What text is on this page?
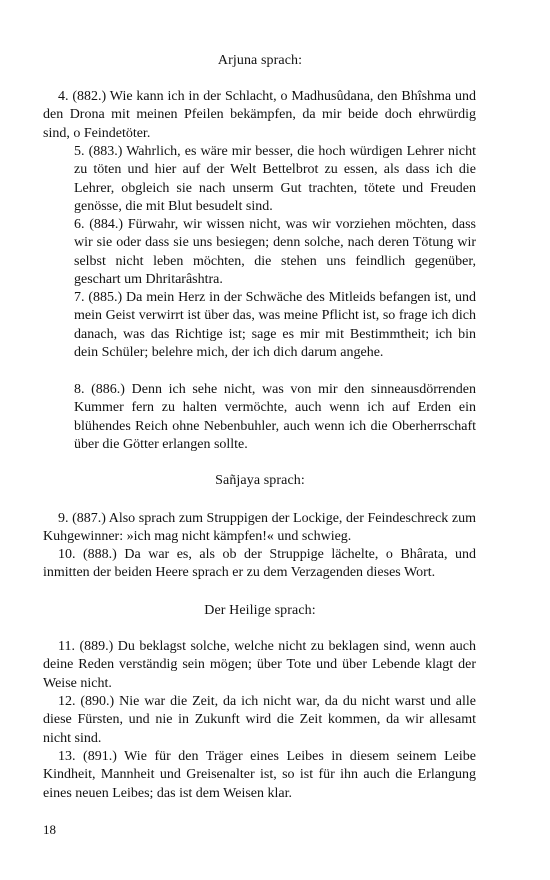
Arjuna sprach:

4. (882.) Wie kann ich in der Schlacht, o Madhusûdana, den Bhîshma und den Drona mit meinen Pfeilen bekämpfen, da mir beide doch ehrwürdig sind, o Feindetöter.

5. (883.) Wahrlich, es wäre mir besser, die hoch würdigen Lehrer nicht zu töten und hier auf der Welt Bettelbrot zu essen, als dass ich die Lehrer, obgleich sie nach unserm Gut trachten, tötete und Freuden genösse, die mit Blut besudelt sind.

6. (884.) Fürwahr, wir wissen nicht, was wir vorziehen möchten, dass wir sie oder dass sie uns besiegen; denn solche, nach deren Tötung wir selbst nicht leben möchten, die stehen uns feindlich gegenüber, geschart um Dhritarâshtra.

7. (885.) Da mein Herz in der Schwäche des Mitleids befangen ist, und mein Geist verwirrt ist über das, was meine Pflicht ist, so frage ich dich danach, was das Richtige ist; sage es mir mit Bestimmtheit; ich bin dein Schüler; belehre mich, der ich dich darum angehe.

8. (886.) Denn ich sehe nicht, was von mir den sinneausdörrenden Kummer fern zu halten vermöchte, auch wenn ich auf Erden ein blühendes Reich ohne Nebenbuhler, auch wenn ich die Oberherrschaft über die Götter erlangen sollte.

Sañjaya sprach:

9. (887.) Also sprach zum Struppigen der Lockige, der Feindeschreck zum Kuhgewinner: »ich mag nicht kämpfen!« und schwieg.

10. (888.) Da war es, als ob der Struppige lächelte, o Bhârata, und inmitten der beiden Heere sprach er zu dem Verzagenden dieses Wort.

Der Heilige sprach:

11. (889.) Du beklagst solche, welche nicht zu beklagen sind, wenn auch deine Reden verständig sein mögen; über Tote und über Lebende klagt der Weise nicht.

12. (890.) Nie war die Zeit, da ich nicht war, da du nicht warst und alle diese Fürsten, und nie in Zukunft wird die Zeit kommen, da wir allesamt nicht sind.

13. (891.) Wie für den Träger eines Leibes in diesem seinem Leibe Kindheit, Mannheit und Greisenalter ist, so ist für ihn auch die Erlangung eines neuen Leibes; das ist dem Weisen klar.

18
